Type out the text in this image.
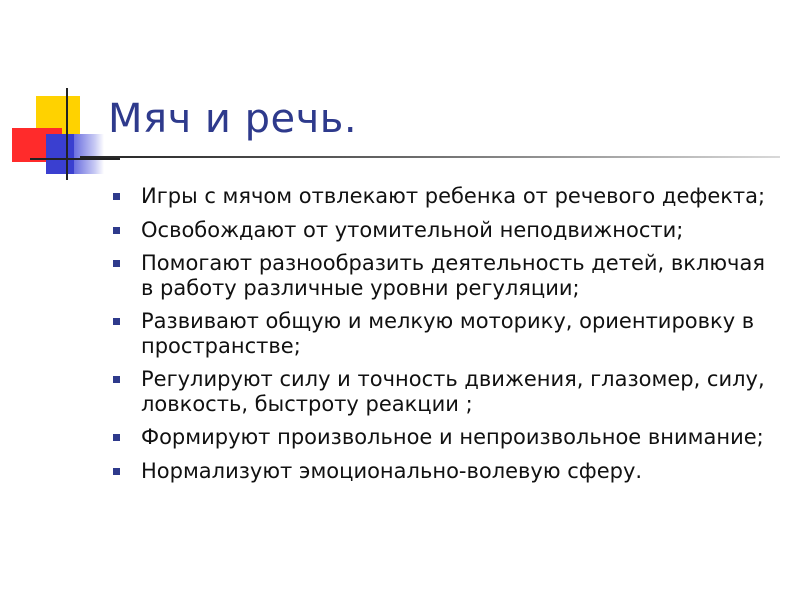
Мяч и речь.
Игры с мячом отвлекают ребенка от речевого дефекта;
Освобождают от утомительной неподвижности;
Помогают разнообразить деятельность детей, включая в работу различные уровни регуляции;
Развивают общую и мелкую моторику, ориентировку в пространстве;
Регулируют силу и точность движения, глазомер, силу, ловкость, быстроту реакции ;
Формируют произвольное и непроизвольное внимание;
Нормализуют эмоционально-волевую сферу.
